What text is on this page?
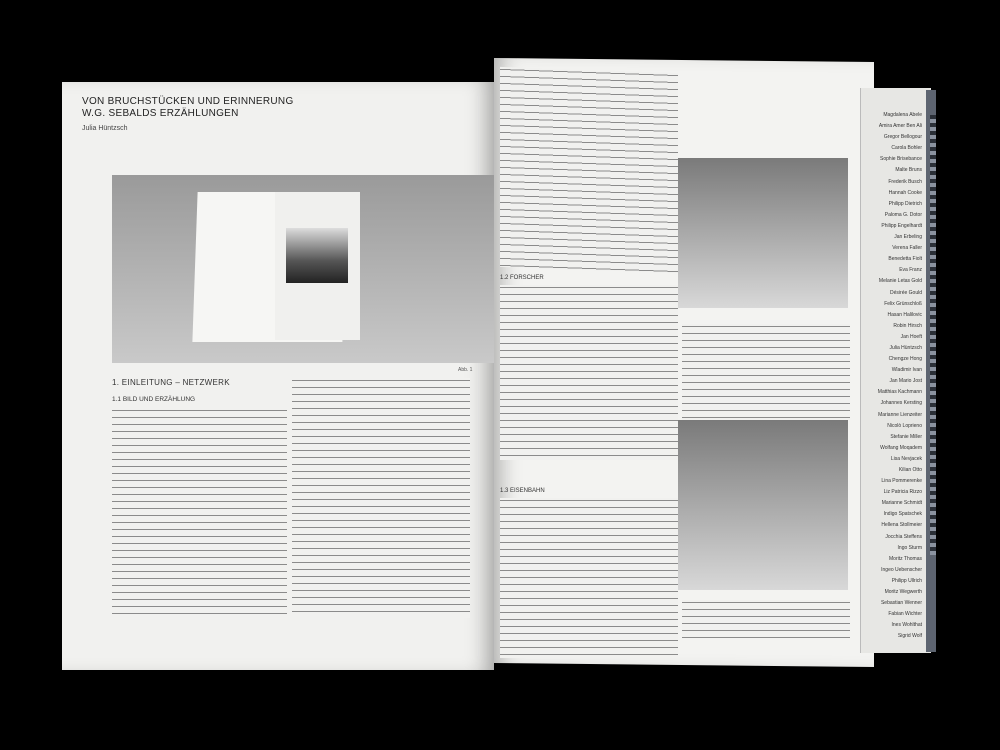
VON BRUCHSTÜCKEN UND ERINNERUNG
W.G. SEBALDS ERZÄHLUNGEN
Julia Hüntzsch
Abb. 1
1. EINLEITUNG – NETZWERK
1.1 BILD UND ERZÄHLUNG
1.2 FORSCHER
1.3 EISENBAHN
Magdalena Abele
Amira Amer Ben Ali
Gregor Bellogour
Carola Bohler
Sophie Brisebance
Malte Bruns
Frederik Busch
Hannah Cooke
Philipp Dietrich
Paloma G. Dotor
Philipp Engelhardt
Jan Erbeling
Verena Faller
Benedetta Fiolt
Eva Franz
Melanie Letas Gold
Désirée Gould
Felix Grünschloß
Hasan Halilovic
Robin Hirsch
Jan Hoeft
Julia Hüntzsch
Chengze Hong
Wladimir Ivan
Jan Mario Jost
Matthias Kachmann
Johannes Kersting
Marianne Lienzeiter
Nicolò Loprieno
Stefanie Miller
Wolfang Moqadem
Lisa Nevjacek
Kilian Otto
Lina Pommerenke
Liz Patricia Rizzo
Marianne Schmidt
Indigo Spatschek
Hellena Stollmeier
Jocchia Steffens
Ingo Sturm
Moritz Thomas
Ingeo Uebenscher
Philipp Ullrich
Moritz Wegwerth
Sebastian Wenner
Fabian Wichter
Ines Wohlthat
Sigrid Wolf
